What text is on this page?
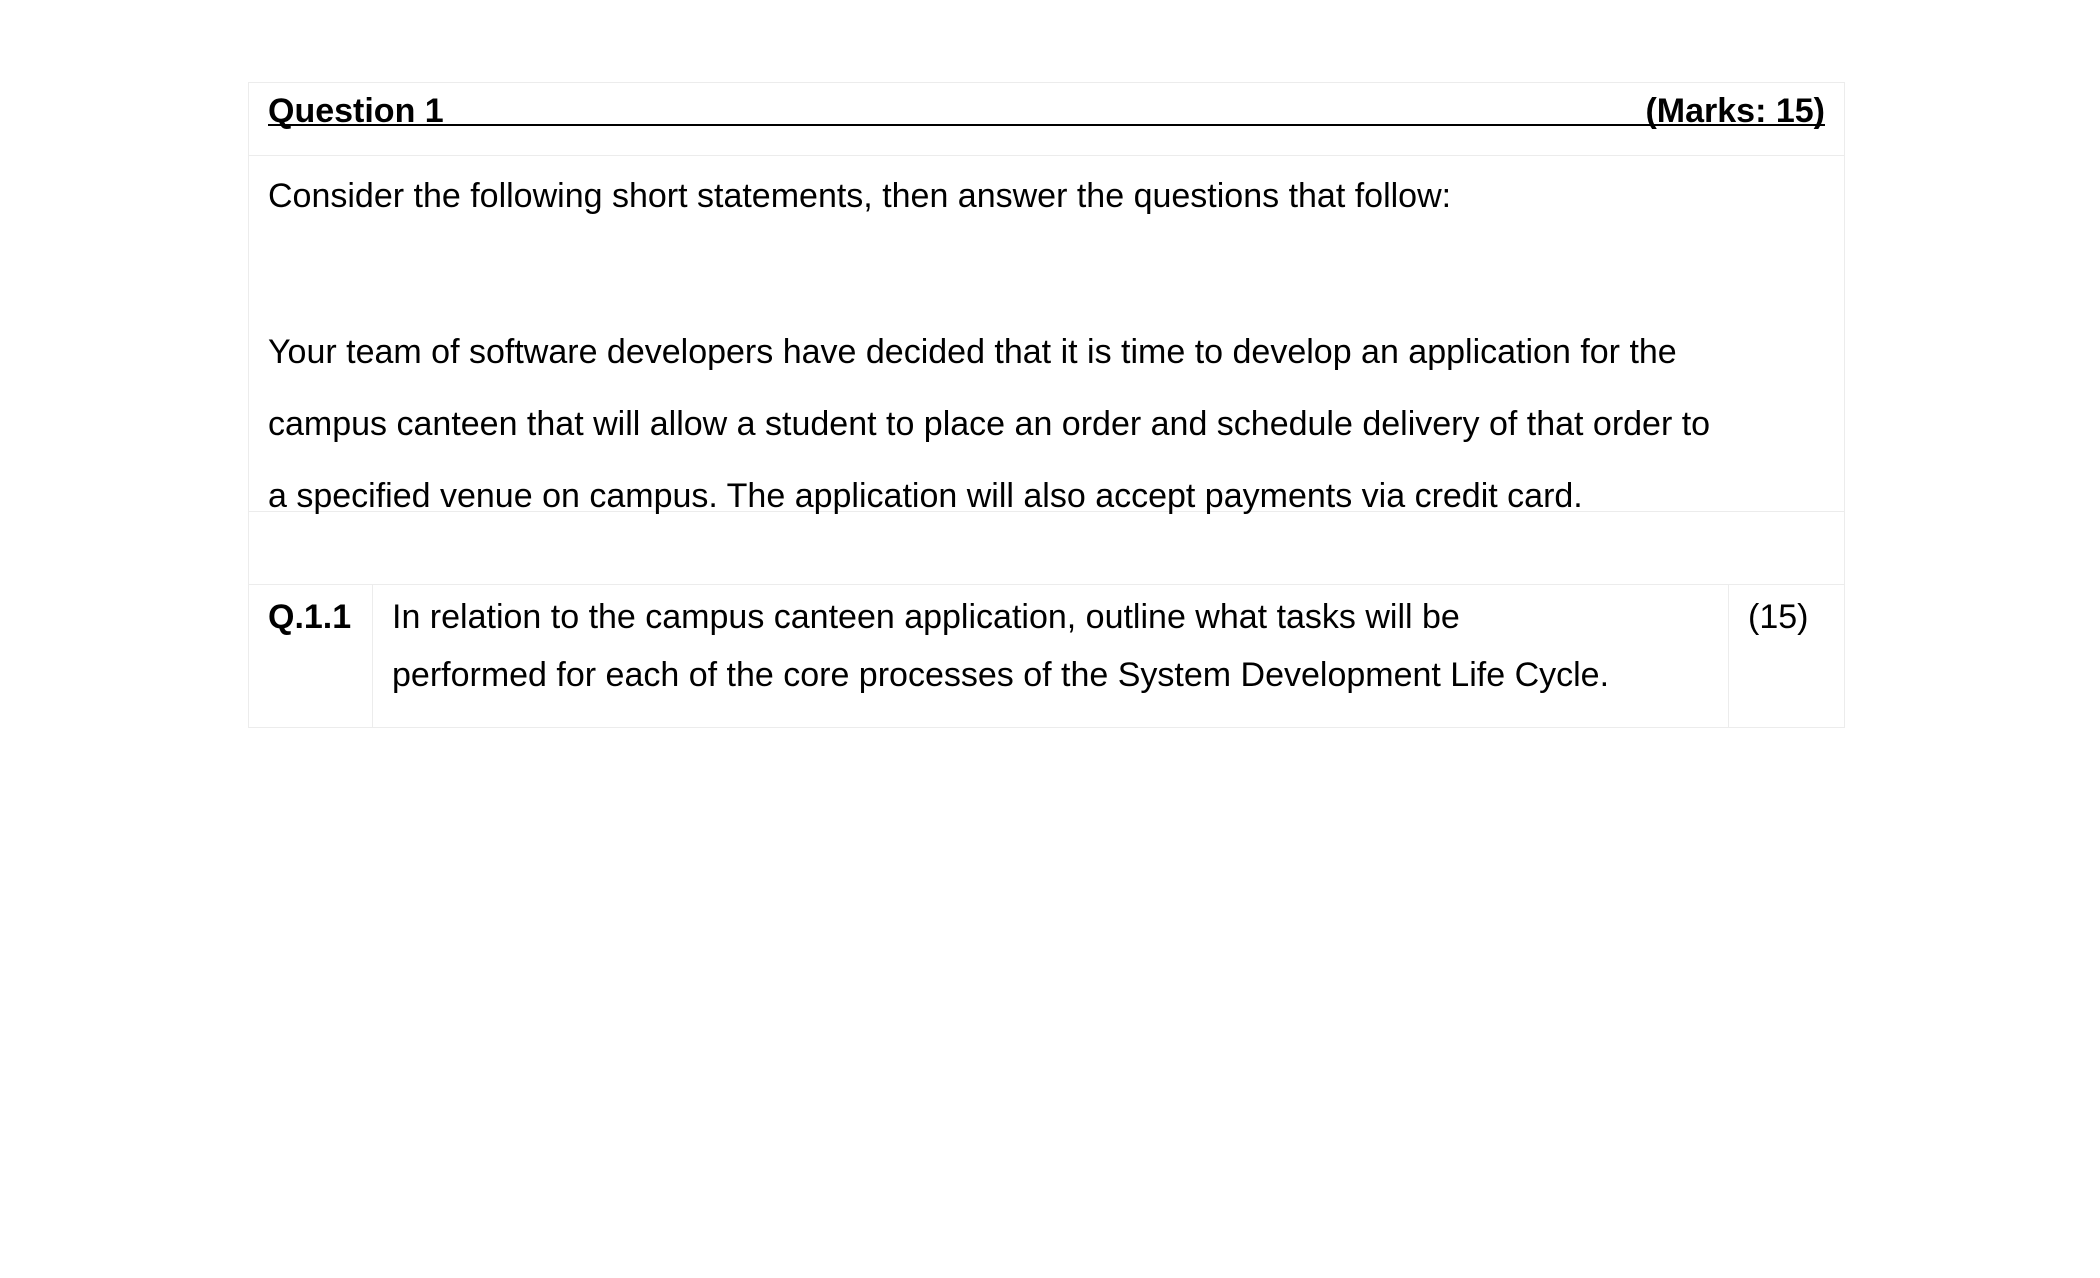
Question 1	(Marks: 15)
Consider the following short statements, then answer the questions that follow:
Your team of software developers have decided that it is time to develop an application for the
campus canteen that will allow a student to place an order and schedule delivery of that order to
a specified venue on campus. The application will also accept payments via credit card.
Q.1.1	In relation to the campus canteen application, outline what tasks will be
performed for each of the core processes of the System Development Life Cycle.
(15)
